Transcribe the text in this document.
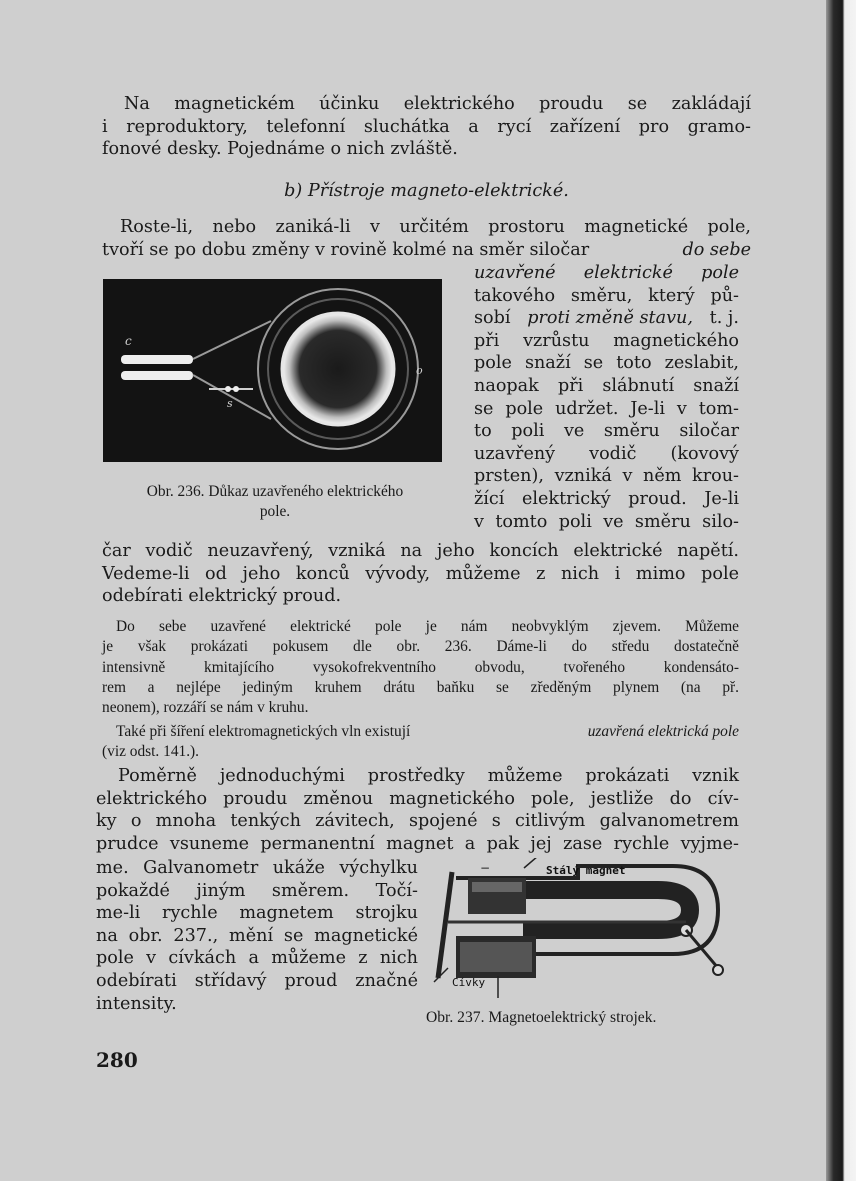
Na magnetickém účinku elektrického proudu se zakládají
i reproduktory, telefonní sluchátka a rycí zařízení pro gramo-
fonové desky. Pojednáme o nich zvláště.
b) Přístroje magneto-elektrické.
Roste-li, nebo zaniká-li v určitém prostoru magnetické pole,
tvoří se po dobu změny v rovině kolmé na směr siločar	do sebe
uzavřené elektrické pole
takového směru, který pů-
sobí proti změně stavu, t. j.
při vzrůstu magnetického
pole snaží se toto zeslabit,
naopak při slábnutí snaží
se pole udržet. Je-li v tom-
to poli ve směru siločar
uzavřený vodič (kovový
prsten), vzniká v něm krou-
žící elektrický proud. Je-li
v tomto poli ve směru silo-
c
s
o
Obr. 236. Důkaz uzavřeného elektrického
pole.
čar vodič neuzavřený, vzniká na jeho koncích elektrické napětí.
Vedeme-li od jeho konců vývody, můžeme z nich i mimo pole
odebírati elektrický proud.
Do sebe uzavřené elektrické pole je nám neobvyklým zjevem. Můžeme
je však prokázati pokusem dle obr. 236. Dáme-li do středu dostatečně
intensivně kmitajícího vysokofrekventního obvodu, tvořeného kondensáto-
rem a nejlépe jediným kruhem drátu baňku se zředěným plynem (na př.
neonem), rozzáří se nám v kruhu.
Také při šíření elektromagnetických vln existují	uzavřená elektrická pole
(viz odst. 141.).
Poměrně jednoduchými prostředky můžeme prokázati vznik
elektrického proudu změnou magnetického pole, jestliže do cív-
ky o mnoha tenkých závitech, spojené s citlivým galvanometrem
prudce vsuneme permanentní magnet a pak jej zase rychle vyjme-
me. Galvanometr ukáže výchylku
pokaždé jiným směrem. Točí-
me-li rychle magnetem strojku
na obr. 237., mění se magnetické
pole v cívkách a můžeme z nich
odebírati střídavý proud značné
intensity.
−	Stálý magnet
Cívky
Obr. 237. Magnetoelektrický strojek.
280
